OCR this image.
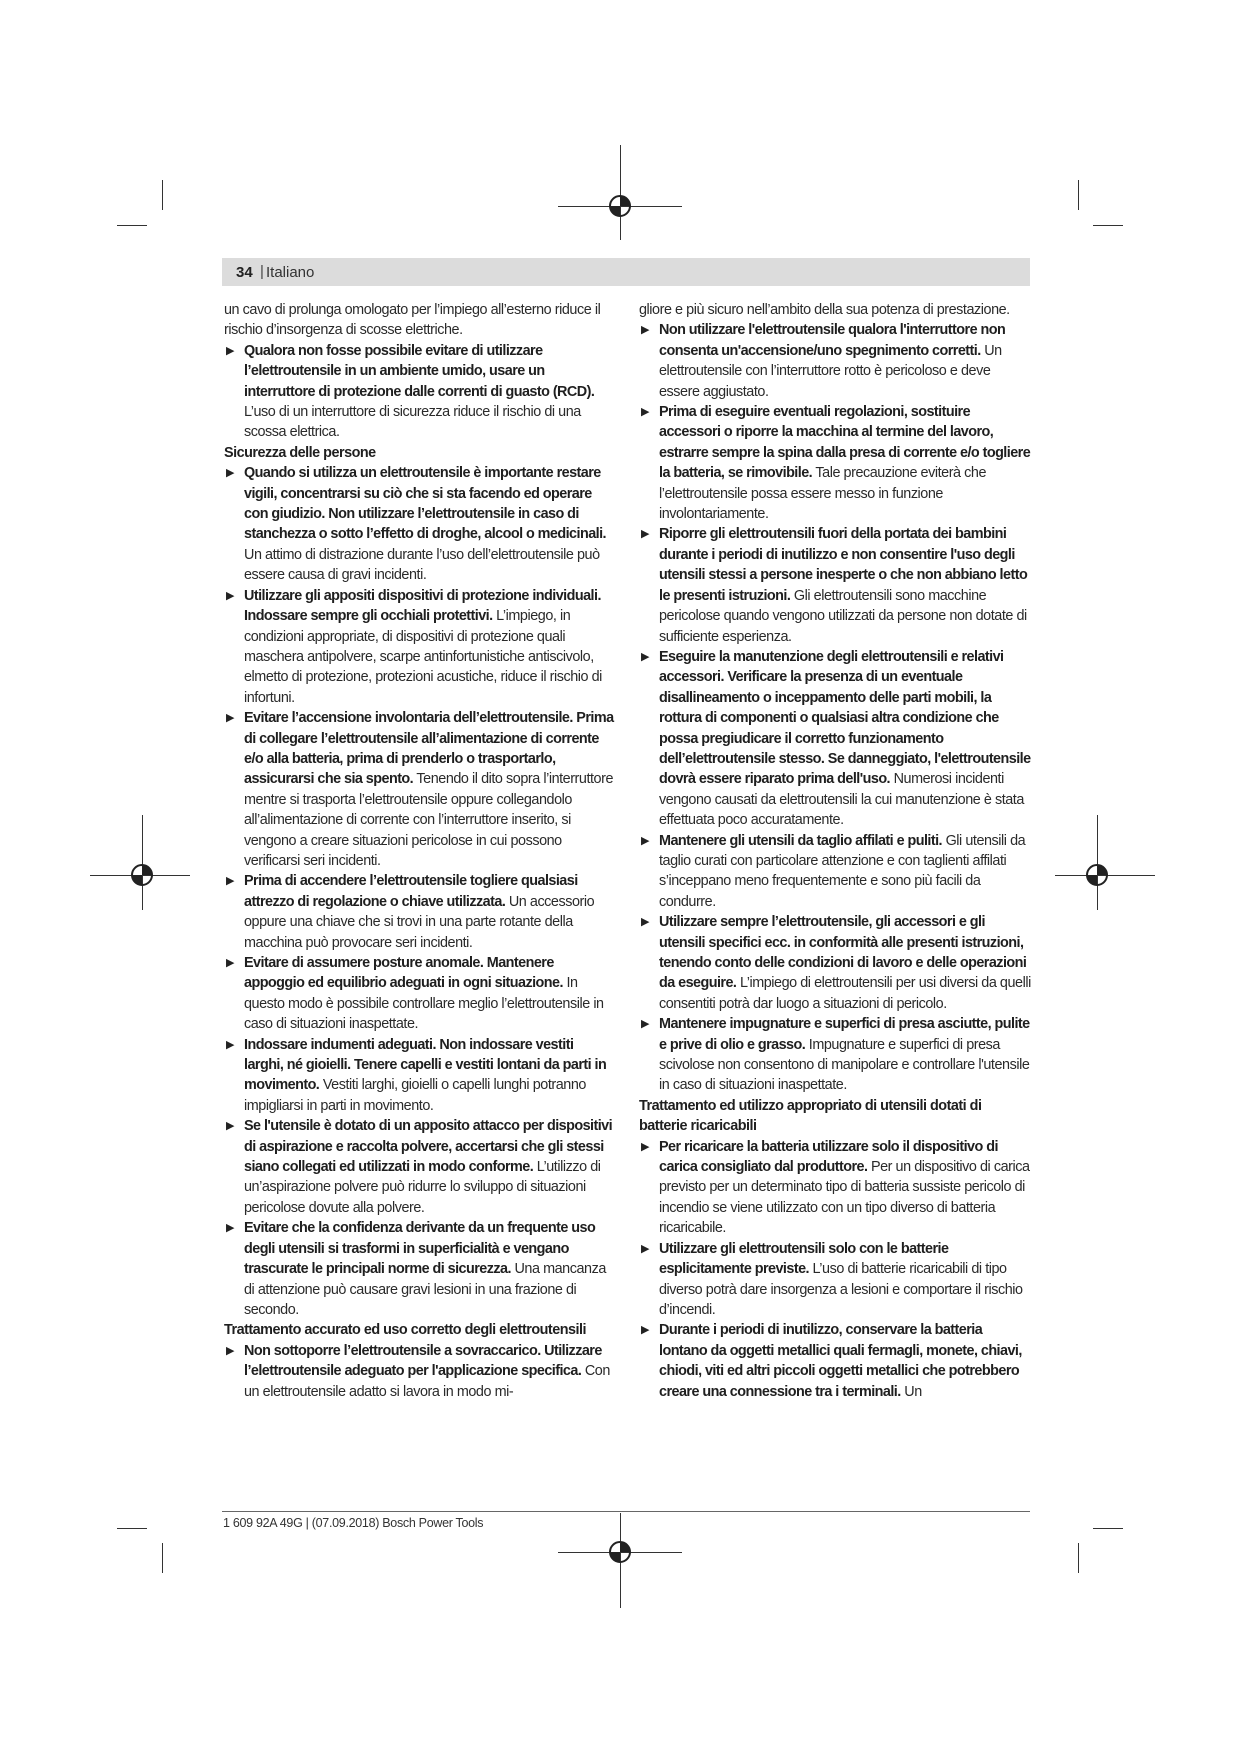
34 | Italiano

un cavo di prolunga omologato per l’impiego all’esterno riduce il rischio d’insorgenza di scosse elettriche.

▶ Qualora non fosse possibile evitare di utilizzare l’elettroutensile in un ambiente umido, usare un interruttore di protezione dalle correnti di guasto (RCD). L’uso di un interruttore di sicurezza riduce il rischio di una scossa elettrica.

Sicurezza delle persone

▶ Quando si utilizza un elettroutensile è importante restare vigili, concentrarsi su ciò che si sta facendo ed operare con giudizio. Non utilizzare l’elettroutensile in caso di stanchezza o sotto l’effetto di droghe, alcool o medicinali. Un attimo di distrazione durante l’uso dell’elettroutensile può essere causa di gravi incidenti.

▶ Utilizzare gli appositi dispositivi di protezione individuali. Indossare sempre gli occhiali protettivi. L’impiego, in condizioni appropriate, di dispositivi di protezione quali maschera antipolvere, scarpe antinfortunistiche antiscivolo, elmetto di protezione, protezioni acustiche, riduce il rischio di infortuni.

▶ Evitare l’accensione involontaria dell’elettroutensile. Prima di collegare l’elettroutensile all’alimentazione di corrente e/o alla batteria, prima di prenderlo o trasportarlo, assicurarsi che sia spento. Tenendo il dito sopra l’interruttore mentre si trasporta l’elettroutensile oppure collegandolo all’alimentazione di corrente con l’interruttore inserito, si vengono a creare situazioni pericolose in cui possono verificarsi seri incidenti.

▶ Prima di accendere l’elettroutensile togliere qualsiasi attrezzo di regolazione o chiave utilizzata. Un accessorio oppure una chiave che si trovi in una parte rotante della macchina può provocare seri incidenti.

▶ Evitare di assumere posture anomale. Mantenere appoggio ed equilibrio adeguati in ogni situazione. In questo modo è possibile controllare meglio l’elettroutensile in caso di situazioni inaspettate.

▶ Indossare indumenti adeguati. Non indossare vestiti larghi, né gioielli. Tenere capelli e vestiti lontani da parti in movimento. Vestiti larghi, gioielli o capelli lunghi potranno impigliarsi in parti in movimento.

▶ Se l'utensile è dotato di un apposito attacco per dispositivi di aspirazione e raccolta polvere, accertarsi che gli stessi siano collegati ed utilizzati in modo conforme. L’utilizzo di un’aspirazione polvere può ridurre lo sviluppo di situazioni pericolose dovute alla polvere.

▶ Evitare che la confidenza derivante da un frequente uso degli utensili si trasformi in superficialità e vengano trascurate le principali norme di sicurezza. Una mancanza di attenzione può causare gravi lesioni in una frazione di secondo.

Trattamento accurato ed uso corretto degli elettroutensili

▶ Non sottoporre l’elettroutensile a sovraccarico. Utilizzare l’elettroutensile adeguato per l'applicazione specifica. Con un elettroutensile adatto si lavora in modo mi-

gliore e più sicuro nell’ambito della sua potenza di prestazione.

▶ Non utilizzare l'elettroutensile qualora l'interruttore non consenta un'accensione/uno spegnimento corretti. Un elettroutensile con l’interruttore rotto è pericoloso e deve essere aggiustato.

▶ Prima di eseguire eventuali regolazioni, sostituire accessori o riporre la macchina al termine del lavoro, estrarre sempre la spina dalla presa di corrente e/o togliere la batteria, se rimovibile. Tale precauzione eviterà che l’elettroutensile possa essere messo in funzione involontariamente.

▶ Riporre gli elettroutensili fuori della portata dei bambini durante i periodi di inutilizzo e non consentire l'uso degli utensili stessi a persone inesperte o che non abbiano letto le presenti istruzioni. Gli elettroutensili sono macchine pericolose quando vengono utilizzati da persone non dotate di sufficiente esperienza.

▶ Eseguire la manutenzione degli elettroutensili e relativi accessori. Verificare la presenza di un eventuale disallineamento o inceppamento delle parti mobili, la rottura di componenti o qualsiasi altra condizione che possa pregiudicare il corretto funzionamento dell’elettroutensile stesso. Se danneggiato, l'elettroutensile dovrà essere riparato prima dell'uso. Numerosi incidenti vengono causati da elettroutensili la cui manutenzione è stata effettuata poco accuratamente.

▶ Mantenere gli utensili da taglio affilati e puliti. Gli utensili da taglio curati con particolare attenzione e con taglienti affilati s’inceppano meno frequentemente e sono più facili da condurre.

▶ Utilizzare sempre l’elettroutensile, gli accessori e gli utensili specifici ecc. in conformità alle presenti istruzioni, tenendo conto delle condizioni di lavoro e delle operazioni da eseguire. L’impiego di elettroutensili per usi diversi da quelli consentiti potrà dar luogo a situazioni di pericolo.

▶ Mantenere impugnature e superfici di presa asciutte, pulite e prive di olio e grasso. Impugnature e superfici di presa scivolose non consentono di manipolare e controllare l'utensile in caso di situazioni inaspettate.

Trattamento ed utilizzo appropriato di utensili dotati di batterie ricaricabili

▶ Per ricaricare la batteria utilizzare solo il dispositivo di carica consigliato dal produttore. Per un dispositivo di carica previsto per un determinato tipo di batteria sussiste pericolo di incendio se viene utilizzato con un tipo diverso di batteria ricaricabile.

▶ Utilizzare gli elettroutensili solo con le batterie esplicitamente previste. L’uso di batterie ricaricabili di tipo diverso potrà dare insorgenza a lesioni e comportare il rischio d’incendi.

▶ Durante i periodi di inutilizzo, conservare la batteria lontano da oggetti metallici quali fermagli, monete, chiavi, chiodi, viti ed altri piccoli oggetti metallici che potrebbero creare una connessione tra i terminali. Un

1 609 92A 49G | (07.09.2018) Bosch Power Tools
